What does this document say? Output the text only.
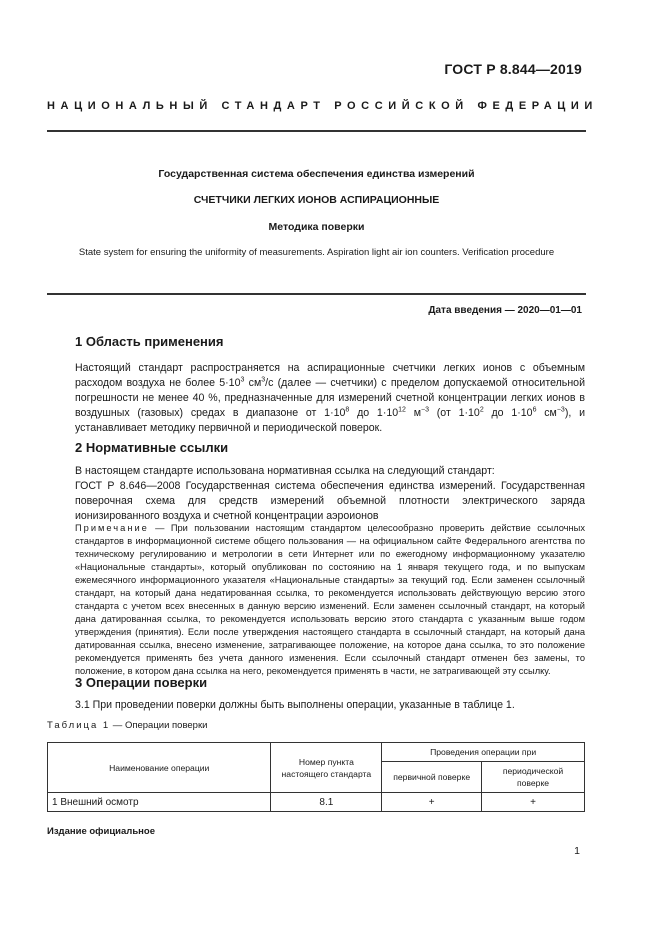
ГОСТ Р 8.844—2019
НАЦИОНАЛЬНЫЙ СТАНДАРТ РОССИЙСКОЙ ФЕДЕРАЦИИ
Государственная система обеспечения единства измерений
СЧЕТЧИКИ ЛЕГКИХ ИОНОВ АСПИРАЦИОННЫЕ
Методика поверки
State system for ensuring the uniformity of measurements. Aspiration light air ion counters. Verification procedure
Дата введения — 2020—01—01
1 Область применения
Настоящий стандарт распространяется на аспирационные счетчики легких ионов с объемным расходом воздуха не более $5\cdot 10^3$ $см^3/с$ (далее — счетчики) с пределом допускаемой относительной погрешности не менее 40 %, предназначенные для измерений счетной концентрации легких ионов в воздушных (газовых) средах в диапазоне от $1\cdot 10^8$ до $1\cdot 10^{12}$ $м^{-3}$ (от $1\cdot 10^2$ до $1\cdot 10^6$ $см^{-3}$), и устанавливает методику первичной и периодической поверок.
2 Нормативные ссылки
В настоящем стандарте использована нормативная ссылка на следующий стандарт:
ГОСТ Р 8.646—2008 Государственная система обеспечения единства измерений. Государственная поверочная схема для средств измерений объемной плотности электрического заряда ионизированного воздуха и счетной концентрации аэроионов
Примечание — При пользовании настоящим стандартом целесообразно проверить действие ссылочных стандартов в информационной системе общего пользования — на официальном сайте Федерального агентства по техническому регулированию и метрологии в сети Интернет или по ежегодному информационному указателю «Национальные стандарты», который опубликован по состоянию на 1 января текущего года, и по выпускам ежемесячного информационного указателя «Национальные стандарты» за текущий год. Если заменен ссылочный стандарт, на который дана недатированная ссылка, то рекомендуется использовать действующую версию этого стандарта с учетом всех внесенных в данную версию изменений. Если заменен ссылочный стандарт, на который дана датированная ссылка, то рекомендуется использовать версию этого стандарта с указанным выше годом утверждения (принятия). Если после утверждения настоящего стандарта в ссылочный стандарт, на который дана датированная ссылка, внесено изменение, затрагивающее положение, на которое дана ссылка, то это положение рекомендуется применять без учета данного изменения. Если ссылочный стандарт отменен без замены, то положение, в котором дана ссылка на него, рекомендуется применять в части, не затрагивающей эту ссылку.
3 Операции поверки
3.1 При проведении поверки должны быть выполнены операции, указанные в таблице 1.
Таблица 1 — Операции поверки
Наименование операции	Номер пункта настоящего стандарта	Проведения операции при	
		первичной поверке	периодической поверке
1 Внешний осмотр	8.1	+	+
Издание официальное
1
